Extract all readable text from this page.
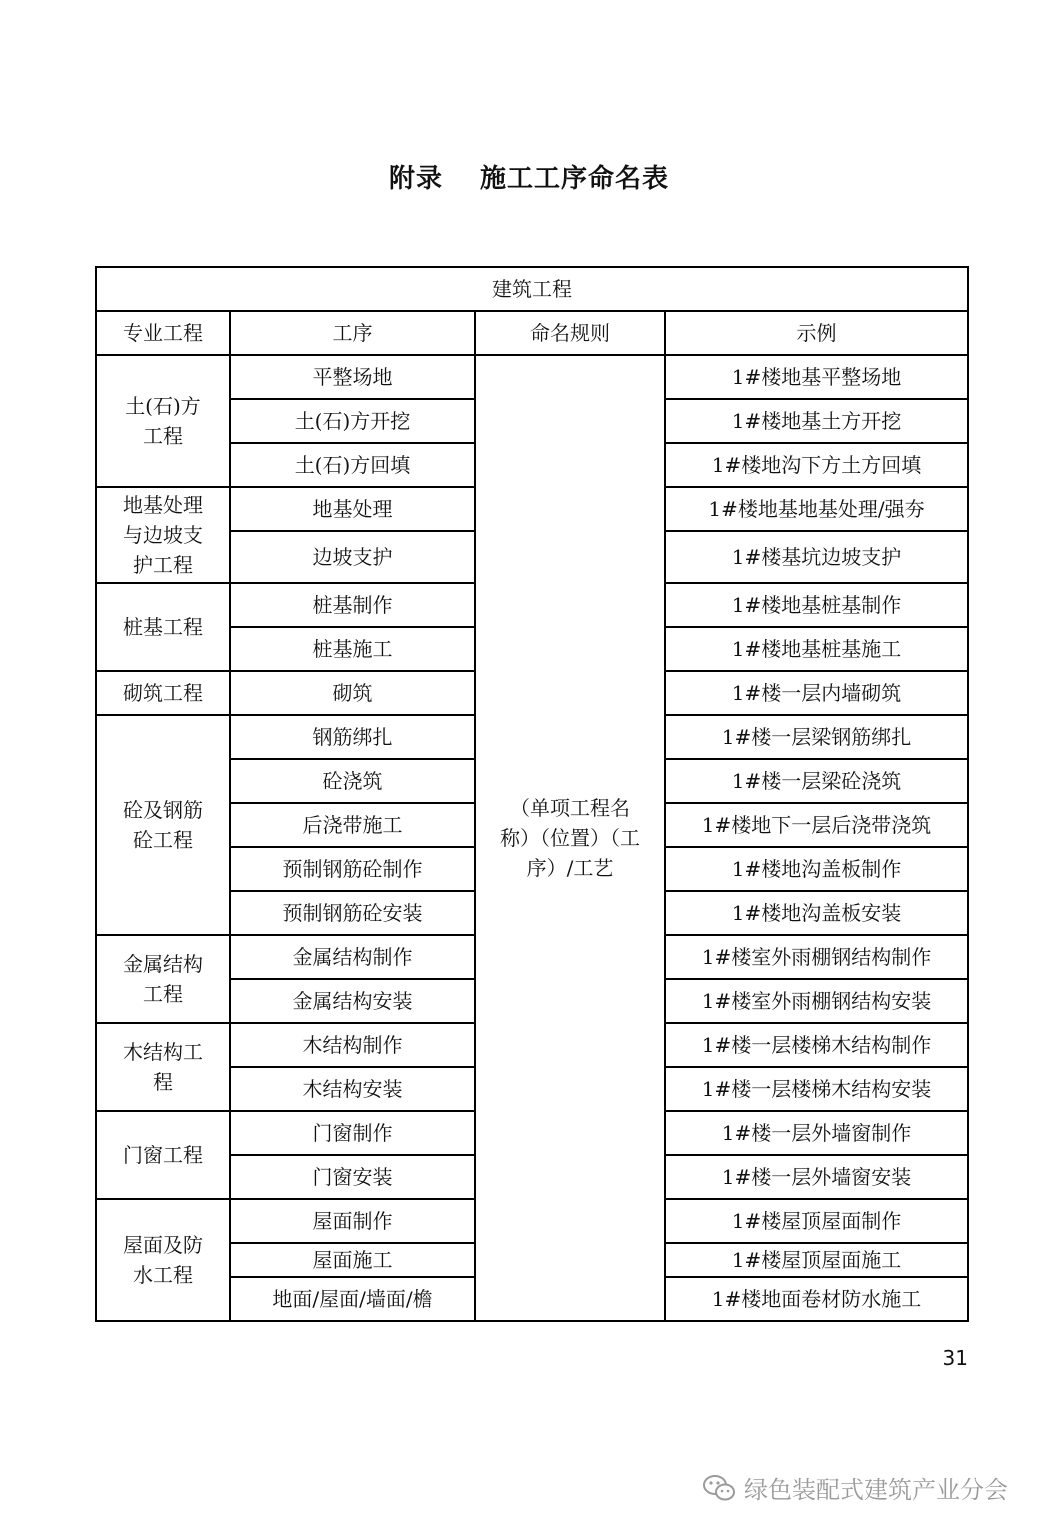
附录　 施工工序命名表
建筑工程			
专业工程	工序	命名规则	示例
土(石)方
工程	平整场地	（单项工程名
称）（位置）（工
序）/工艺	1#楼地基平整场地
	土(石)方开挖		1#楼地基土方开挖
	土(石)方回填		1#楼地沟下方土方回填
地基处理
与边坡支
护工程	地基处理		1#楼地基地基处理/强夯
	边坡支护		1#楼基坑边坡支护
桩基工程	桩基制作		1#楼地基桩基制作
	桩基施工		1#楼地基桩基施工
砌筑工程	砌筑		1#楼一层内墙砌筑
砼及钢筋
砼工程	钢筋绑扎		1#楼一层梁钢筋绑扎
	砼浇筑		1#楼一层梁砼浇筑
	后浇带施工		1#楼地下一层后浇带浇筑
	预制钢筋砼制作		1#楼地沟盖板制作
	预制钢筋砼安装		1#楼地沟盖板安装
金属结构
工程	金属结构制作		1#楼室外雨棚钢结构制作
	金属结构安装		1#楼室外雨棚钢结构安装
木结构工
程	木结构制作		1#楼一层楼梯木结构制作
	木结构安装		1#楼一层楼梯木结构安装
门窗工程	门窗制作		1#楼一层外墙窗制作
	门窗安装		1#楼一层外墙窗安装
屋面及防
水工程	屋面制作		1#楼屋顶屋面制作
	屋面施工		1#楼屋顶屋面施工
	地面/屋面/墙面/檐		1#楼地面卷材防水施工
31
绿色装配式建筑产业分会
